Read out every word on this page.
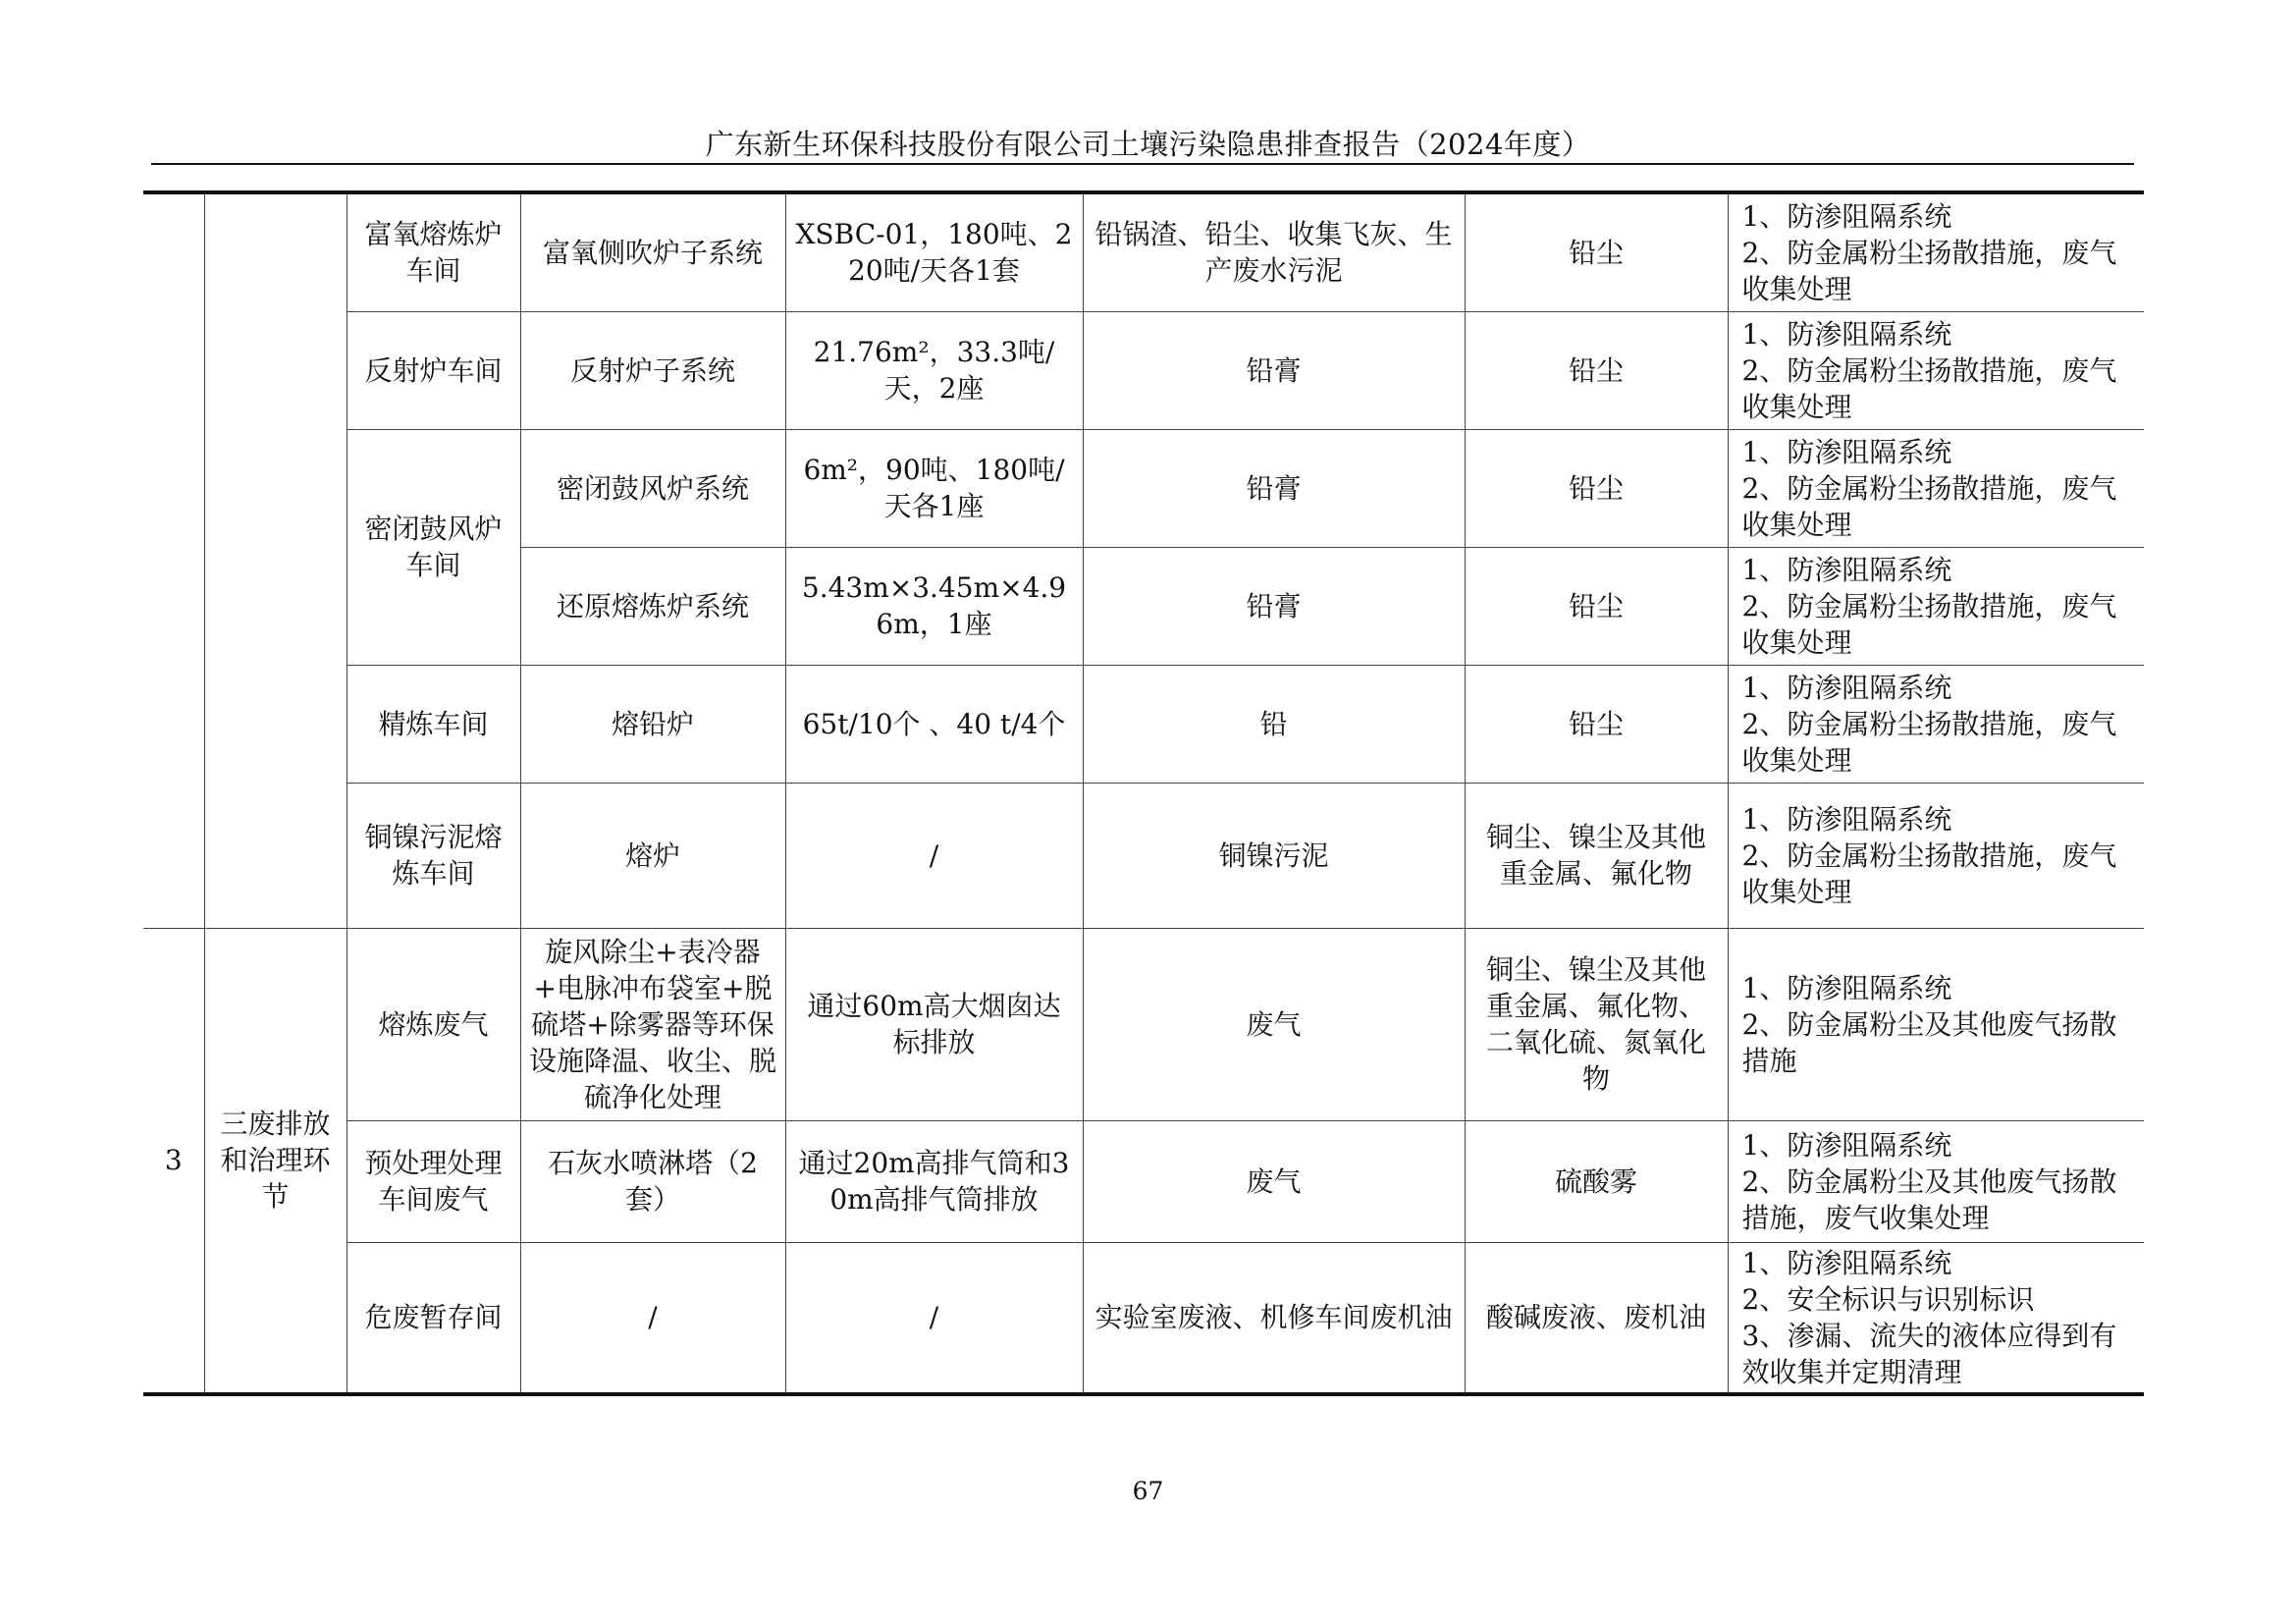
广东新生环保科技股份有限公司土壤污染隐患排查报告（2024年度）
		富氧熔炼炉车间	富氧侧吹炉子系统	XSBC-01，180吨、220吨/天各1套	铅锅渣、铅尘、收集飞灰、生产废水污泥	铅尘	1、防渗阻隔系统
2、防金属粉尘扬散措施，废气收集处理

		反射炉车间	反射炉子系统	21.76m²，33.3吨/天，2座	铅膏	铅尘	1、防渗阻隔系统
2、防金属粉尘扬散措施，废气收集处理

		密闭鼓风炉车间	密闭鼓风炉系统	6m²，90吨、180吨/天各1座	铅膏	铅尘	1、防渗阻隔系统
2、防金属粉尘扬散措施，废气收集处理

			还原熔炼炉系统	5.43m×3.45m×4.96m，1座	铅膏	铅尘	1、防渗阻隔系统
2、防金属粉尘扬散措施，废气收集处理

		精炼车间	熔铅炉	65t/10个 、40 t/4个	铅	铅尘	1、防渗阻隔系统
2、防金属粉尘扬散措施，废气收集处理

		铜镍污泥熔炼车间	熔炉	/	铜镍污泥	铜尘、镍尘及其他重金属、氟化物	1、防渗阻隔系统
2、防金属粉尘扬散措施，废气收集处理

3	三废排放和治理环节	熔炼废气	旋风除尘+表冷器+电脉冲布袋室+脱硫塔+除雾器等环保设施降温、收尘、脱硫净化处理	通过60m高大烟囱达标排放	废气	铜尘、镍尘及其他重金属、氟化物、二氧化硫、氮氧化物	1、防渗阻隔系统
2、防金属粉尘及其他废气扬散措施

		预处理处理车间废气	石灰水喷淋塔（2套）	通过20m高排气筒和30m高排气筒排放	废气	硫酸雾	1、防渗阻隔系统
2、防金属粉尘及其他废气扬散措施，废气收集处理

		危废暂存间	/	/	实验室废液、机修车间废机油	酸碱废液、废机油	1、防渗阻隔系统
2、安全标识与识别标识
3、渗漏、流失的液体应得到有效收集并定期清理
67
